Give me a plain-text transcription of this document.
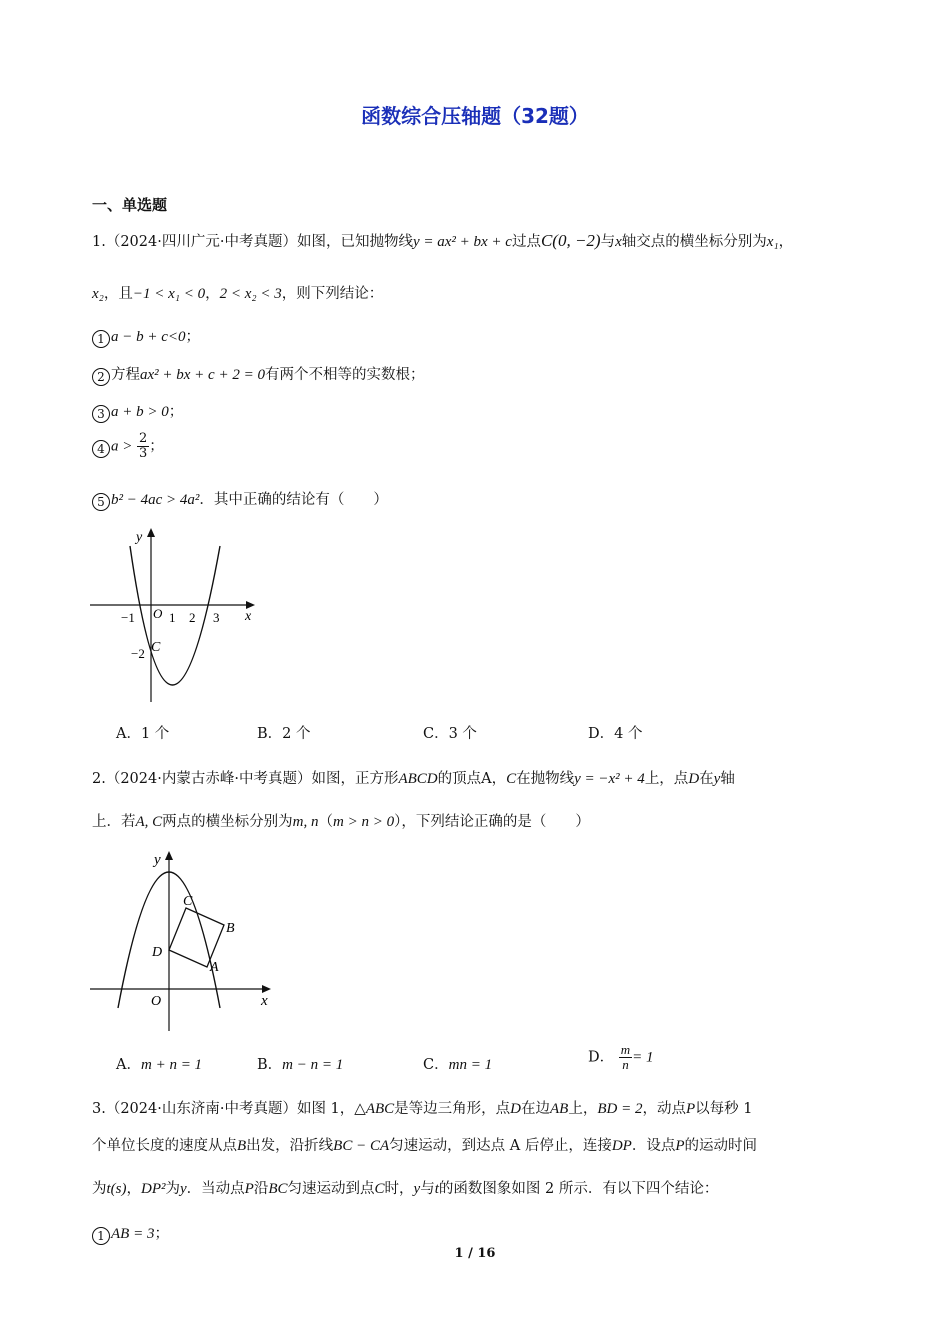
函数综合压轴题（32题）
一、单选题
1.（2024·四川广元·中考真题）如图，已知抛物线y = ax² + bx + c过点C(0, −2)与x轴交点的横坐标分别为x₁，
x₂，且−1 < x₁ < 0，2 < x₂ < 3，则下列结论：
1 a − b + c<0；
2 方程ax² + bx + c + 2 = 0有两个不相等的实数根；
3 a + b > 0；
4 $a > \frac{2}{3}$ ；
5 b² − 4ac > 4a²．其中正确的结论有（　　）
y
x
O
−1	1 2 3
−2 C
A．1 个	B．2 个	C．3 个	D．4 个
2.（2024·内蒙古赤峰·中考真题）如图，正方形ABCD的顶点A，C在抛物线y = −x² + 4上，点D在y轴
上．若A, C两点的横坐标分别为m, n（m > n > 0），下列结论正确的是（　　）
y
x
O
C
B
D
A
A．m + n = 1	B．m − n = 1	C．mn = 1	D． $\frac{m}{n} = 1$
3.（2024·山东济南·中考真题）如图 1，△ABC是等边三角形，点D在边AB上，BD = 2，动点P以每秒 1
个单位长度的速度从点B出发，沿折线BC − CA匀速运动，到达点 A 后停止，连接DP．设点P的运动时间
为t(s)，DP²为y．当动点P沿BC匀速运动到点C时，y与t的函数图象如图 2 所示．有以下四个结论：
1 AB = 3；
1 / 16
